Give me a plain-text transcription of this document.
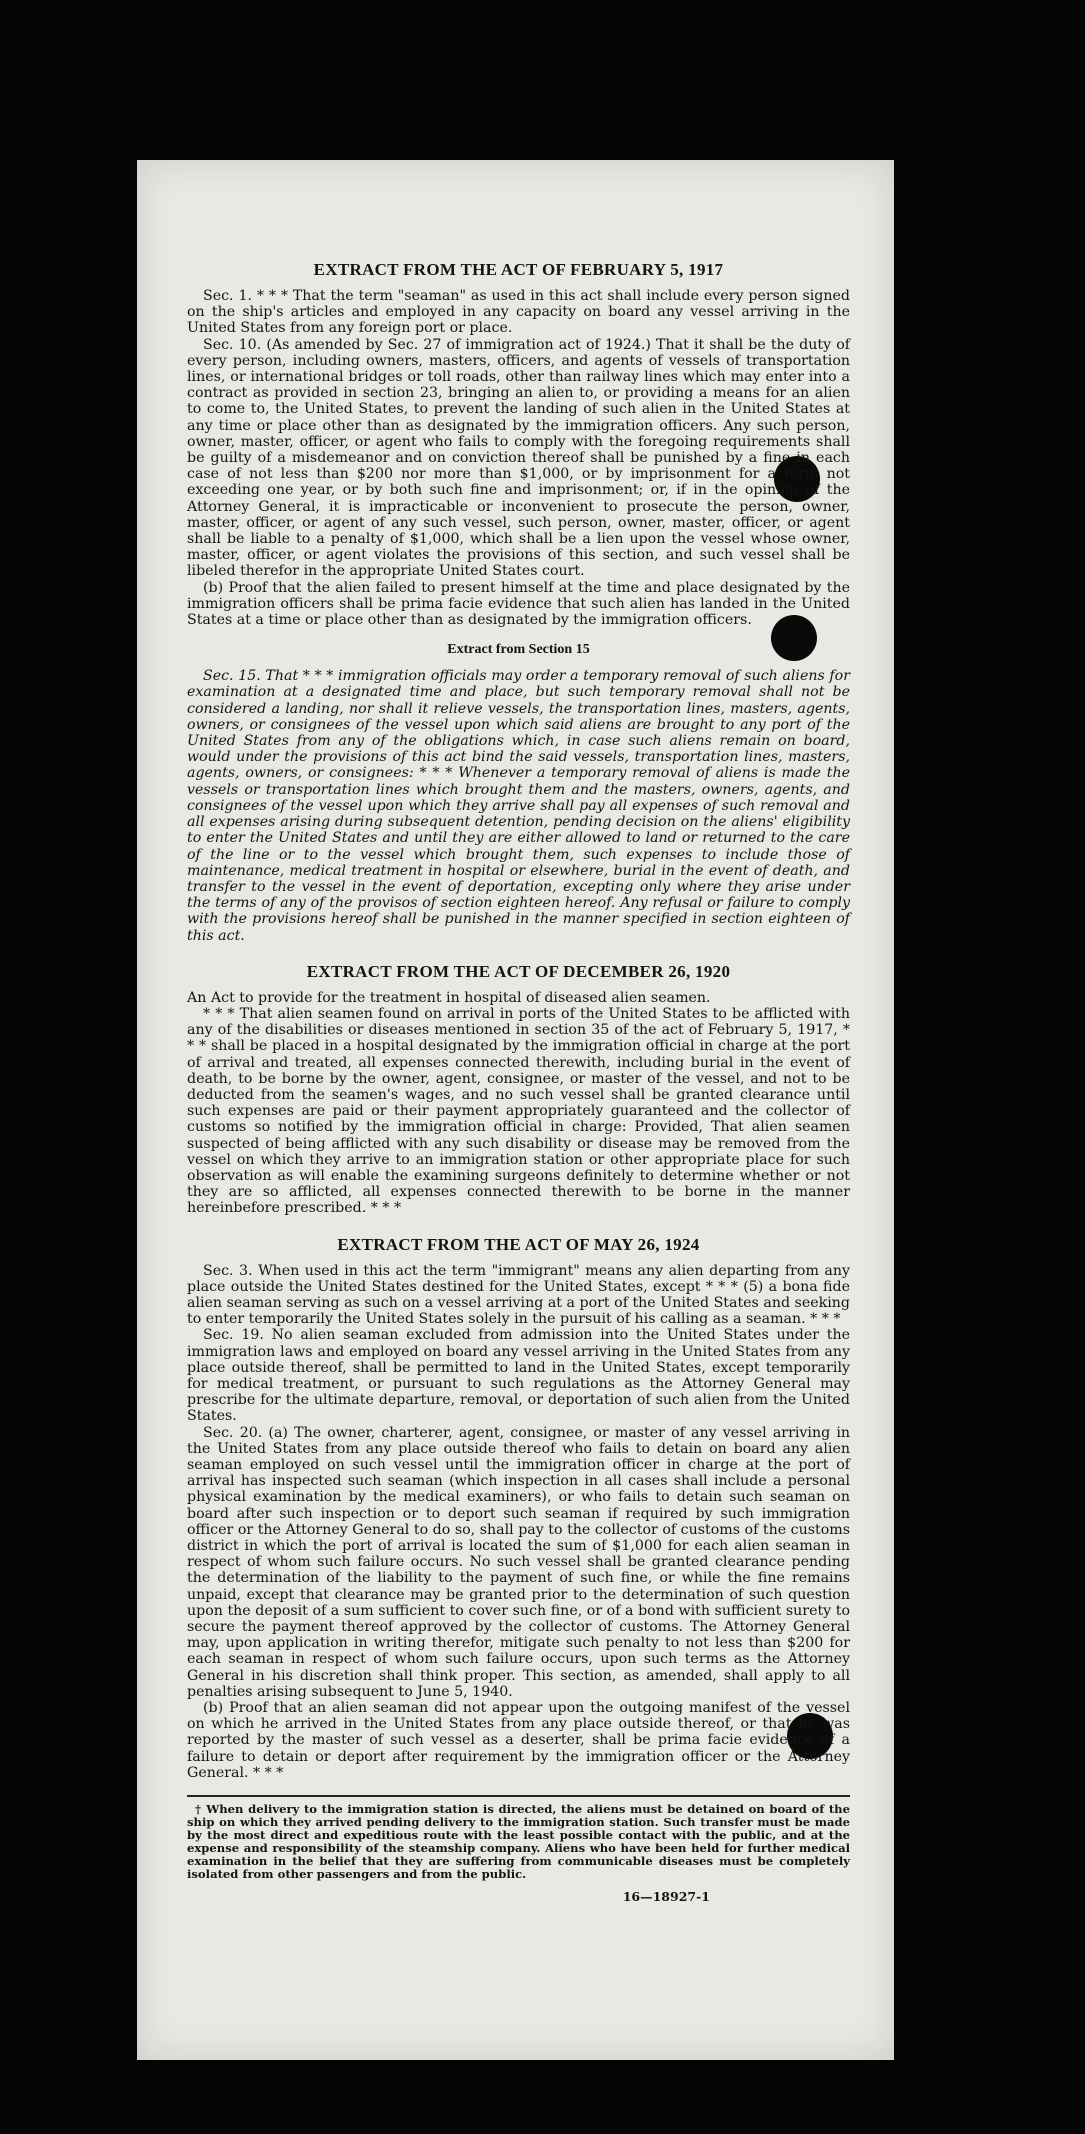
EXTRACT FROM THE ACT OF FEBRUARY 5, 1917

Sec. 1. * * * That the term "seaman" as used in this act shall include every person signed on the ship's articles and employed in any capacity on board any vessel arriving in the United States from any foreign port or place.

Sec. 10. (As amended by Sec. 27 of immigration act of 1924.) That it shall be the duty of every person, including owners, masters, officers, and agents of vessels of transportation lines, or international bridges or toll roads, other than railway lines which may enter into a contract as provided in section 23, bringing an alien to, or providing a means for an alien to come to, the United States, to prevent the landing of such alien in the United States at any time or place other than as designated by the immigration officers. Any such person, owner, master, officer, or agent who fails to comply with the foregoing requirements shall be guilty of a misdemeanor and on conviction thereof shall be punished by a fine in each case of not less than $200 nor more than $1,000, or by imprisonment for a term not exceeding one year, or by both such fine and imprisonment; or, if in the opinion of the Attorney General, it is impracticable or inconvenient to prosecute the person, owner, master, officer, or agent of any such vessel, such person, owner, master, officer, or agent shall be liable to a penalty of $1,000, which shall be a lien upon the vessel whose owner, master, officer, or agent violates the provisions of this section, and such vessel shall be libeled therefor in the appropriate United States court.

(b) Proof that the alien failed to present himself at the time and place designated by the immigration officers shall be prima facie evidence that such alien has landed in the United States at a time or place other than as designated by the immigration officers.

Extract from Section 15

Sec. 15. That * * * immigration officials may order a temporary removal of such aliens for examination at a designated time and place, but such temporary removal shall not be considered a landing, nor shall it relieve vessels, the transportation lines, masters, agents, owners, or consignees of the vessel upon which said aliens are brought to any port of the United States from any of the obligations which, in case such aliens remain on board, would under the provisions of this act bind the said vessels, transportation lines, masters, agents, owners, or consignees: * * * Whenever a temporary removal of aliens is made the vessels or transportation lines which brought them and the masters, owners, agents, and consignees of the vessel upon which they arrive shall pay all expenses of such removal and all expenses arising during subsequent detention, pending decision on the aliens' eligibility to enter the United States and until they are either allowed to land or returned to the care of the line or to the vessel which brought them, such expenses to include those of maintenance, medical treatment in hospital or elsewhere, burial in the event of death, and transfer to the vessel in the event of deportation, excepting only where they arise under the terms of any of the provisos of section eighteen hereof. Any refusal or failure to comply with the provisions hereof shall be punished in the manner specified in section eighteen of this act.

EXTRACT FROM THE ACT OF DECEMBER 26, 1920

An Act to provide for the treatment in hospital of diseased alien seamen.

* * * That alien seamen found on arrival in ports of the United States to be afflicted with any of the disabilities or diseases mentioned in section 35 of the act of February 5, 1917, * * * shall be placed in a hospital designated by the immigration official in charge at the port of arrival and treated, all expenses connected therewith, including burial in the event of death, to be borne by the owner, agent, consignee, or master of the vessel, and not to be deducted from the seamen's wages, and no such vessel shall be granted clearance until such expenses are paid or their payment appropriately guaranteed and the collector of customs so notified by the immigration official in charge: Provided, That alien seamen suspected of being afflicted with any such disability or disease may be removed from the vessel on which they arrive to an immigration station or other appropriate place for such observation as will enable the examining surgeons definitely to determine whether or not they are so afflicted, all expenses connected therewith to be borne in the manner hereinbefore prescribed. * * *

EXTRACT FROM THE ACT OF MAY 26, 1924

Sec. 3. When used in this act the term "immigrant" means any alien departing from any place outside the United States destined for the United States, except * * * (5) a bona fide alien seaman serving as such on a vessel arriving at a port of the United States and seeking to enter temporarily the United States solely in the pursuit of his calling as a seaman. * * *

Sec. 19. No alien seaman excluded from admission into the United States under the immigration laws and employed on board any vessel arriving in the United States from any place outside thereof, shall be permitted to land in the United States, except temporarily for medical treatment, or pursuant to such regulations as the Attorney General may prescribe for the ultimate departure, removal, or deportation of such alien from the United States.

Sec. 20. (a) The owner, charterer, agent, consignee, or master of any vessel arriving in the United States from any place outside thereof who fails to detain on board any alien seaman employed on such vessel until the immigration officer in charge at the port of arrival has inspected such seaman (which inspection in all cases shall include a personal physical examination by the medical examiners), or who fails to detain such seaman on board after such inspection or to deport such seaman if required by such immigration officer or the Attorney General to do so, shall pay to the collector of customs of the customs district in which the port of arrival is located the sum of $1,000 for each alien seaman in respect of whom such failure occurs. No such vessel shall be granted clearance pending the determination of the liability to the payment of such fine, or while the fine remains unpaid, except that clearance may be granted prior to the determination of such question upon the deposit of a sum sufficient to cover such fine, or of a bond with sufficient surety to secure the payment thereof approved by the collector of customs. The Attorney General may, upon application in writing therefor, mitigate such penalty to not less than $200 for each seaman in respect of whom such failure occurs, upon such terms as the Attorney General in his discretion shall think proper. This section, as amended, shall apply to all penalties arising subsequent to June 5, 1940.

(b) Proof that an alien seaman did not appear upon the outgoing manifest of the vessel on which he arrived in the United States from any place outside thereof, or that he was reported by the master of such vessel as a deserter, shall be prima facie evidence of a failure to detain or deport after requirement by the immigration officer or the Attorney General. * * *

† When delivery to the immigration station is directed, the aliens must be detained on board of the ship on which they arrived pending delivery to the immigration station. Such transfer must be made by the most direct and expeditious route with the least possible contact with the public, and at the expense and responsibility of the steamship company. Aliens who have been held for further medical examination in the belief that they are suffering from communicable diseases must be completely isolated from other passengers and from the public.

16—18927-1
